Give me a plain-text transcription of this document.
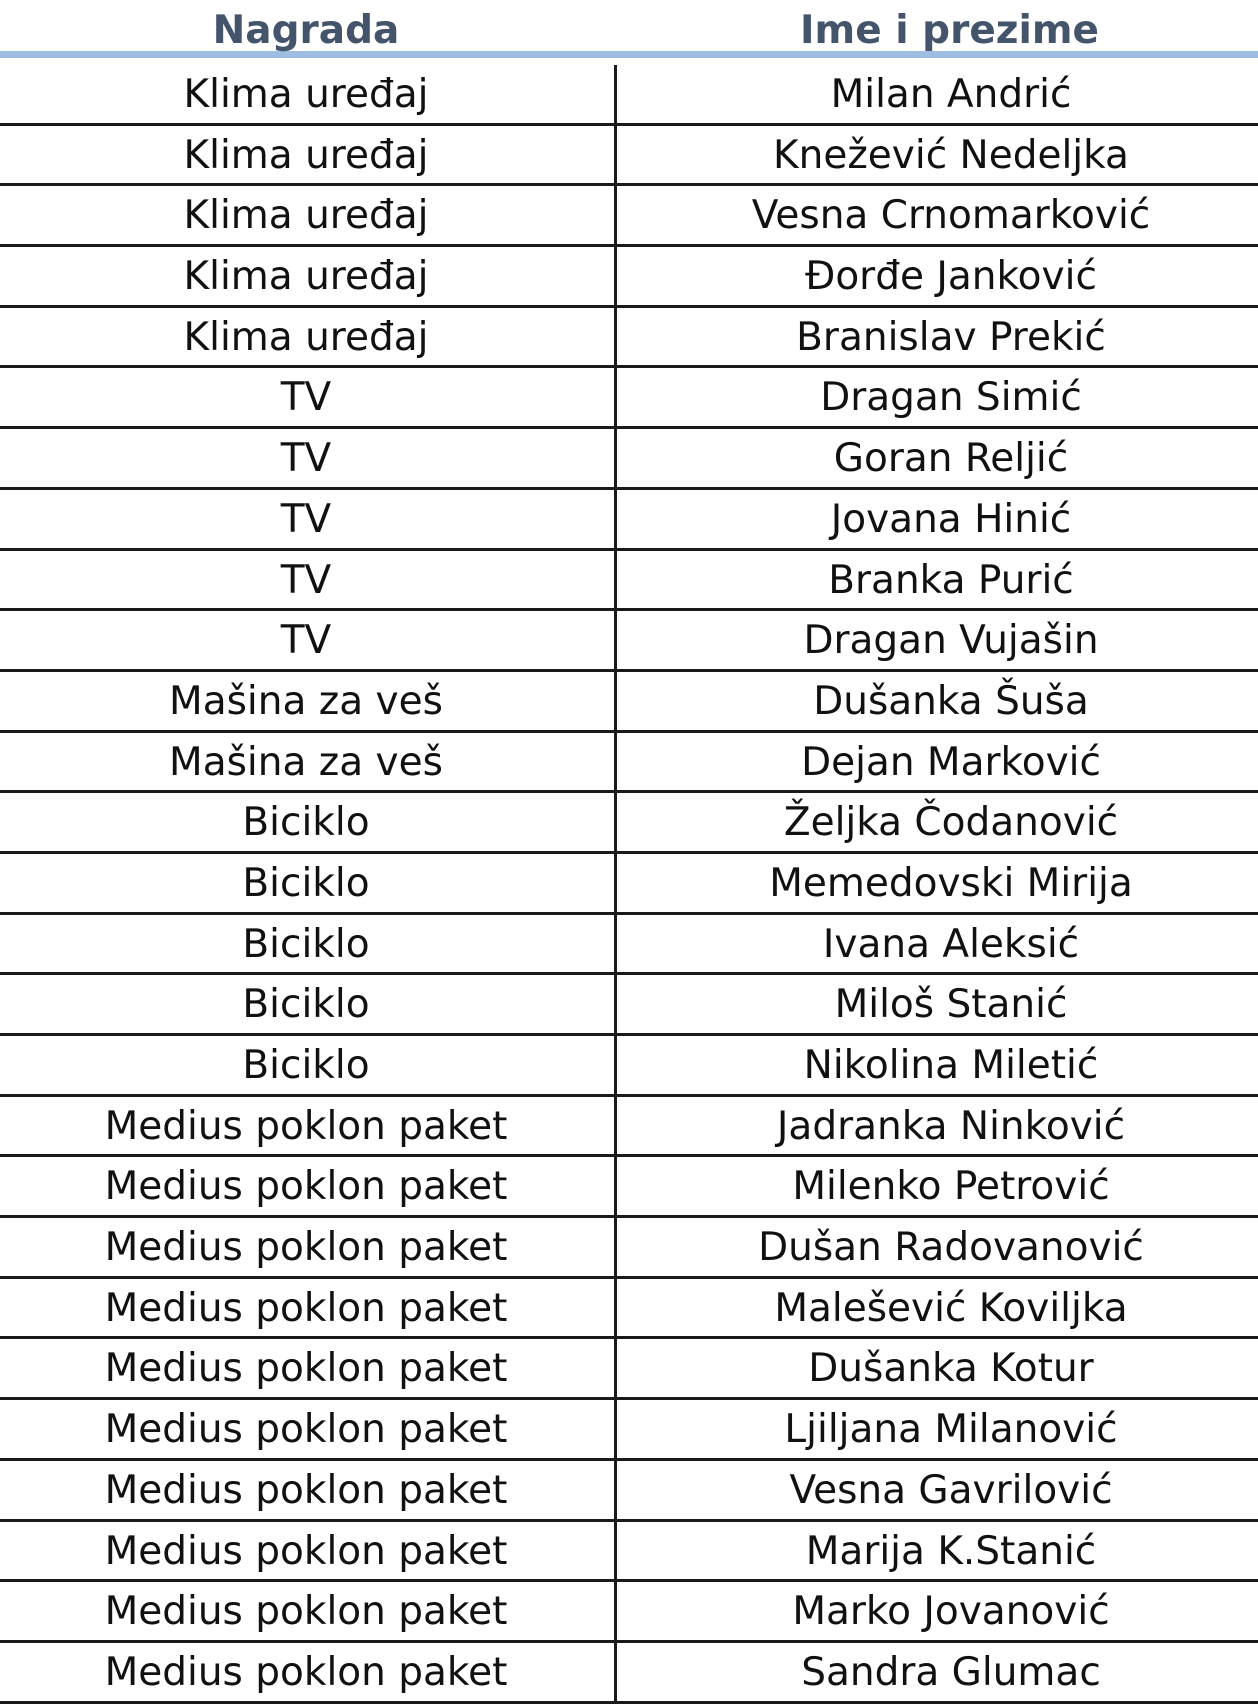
Nagrada	Ime i prezime
Klima uređaj	Milan Andrić
Klima uređaj	Knežević Nedeljka
Klima uređaj	Vesna Crnomarković
Klima uređaj	Đorđe Janković
Klima uređaj	Branislav Prekić
TV	Dragan Simić
TV	Goran Reljić
TV	Jovana Hinić
TV	Branka Purić
TV	Dragan Vujašin
Mašina za veš	Dušanka Šuša
Mašina za veš	Dejan Marković
Biciklo	Željka Čodanović
Biciklo	Memedovski Mirija
Biciklo	Ivana Aleksić
Biciklo	Miloš Stanić
Biciklo	Nikolina Miletić
Medius poklon paket	Jadranka Ninković
Medius poklon paket	Milenko Petrović
Medius poklon paket	Dušan Radovanović
Medius poklon paket	Malešević Koviljka
Medius poklon paket	Dušanka Kotur
Medius poklon paket	Ljiljana Milanović
Medius poklon paket	Vesna Gavrilović
Medius poklon paket	Marija K.Stanić
Medius poklon paket	Marko Jovanović
Medius poklon paket	Sandra Glumac
